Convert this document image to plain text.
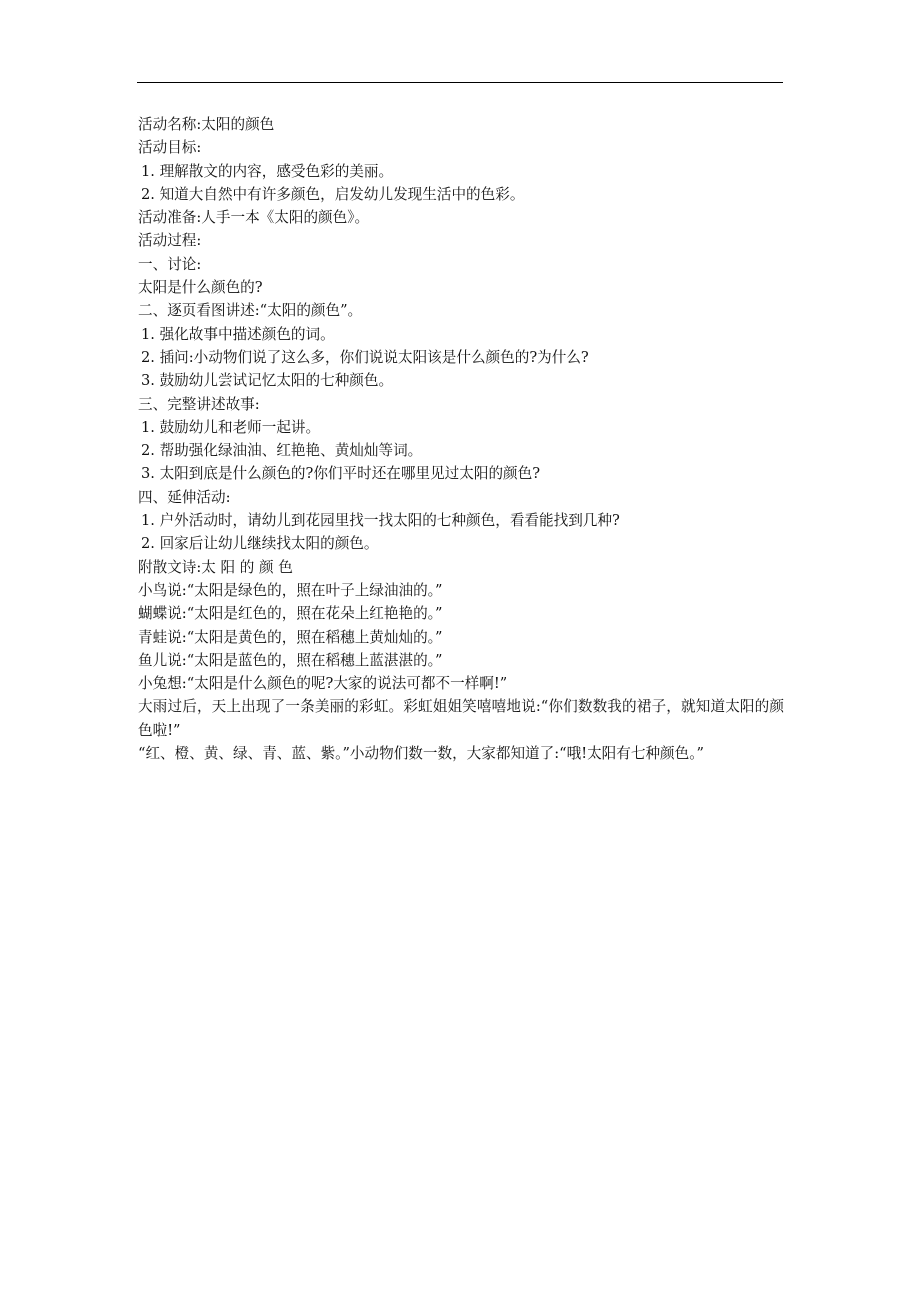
活动名称:太阳的颜色
活动目标:
1. 理解散文的内容，感受色彩的美丽。
2. 知道大自然中有许多颜色，启发幼儿发现生活中的色彩。
活动准备:人手一本《太阳的颜色》。
活动过程:
一、讨论:
太阳是什么颜色的?
二、逐页看图讲述:“太阳的颜色”。
1. 强化故事中描述颜色的词。
2. 插问:小动物们说了这么多，你们说说太阳该是什么颜色的?为什么?
3. 鼓励幼儿尝试记忆太阳的七种颜色。
三、完整讲述故事:
1. 鼓励幼儿和老师一起讲。
2. 帮助强化绿油油、红艳艳、黄灿灿等词。
3. 太阳到底是什么颜色的?你们平时还在哪里见过太阳的颜色?
四、延伸活动:
1. 户外活动时，请幼儿到花园里找一找太阳的七种颜色，看看能找到几种?
2. 回家后让幼儿继续找太阳的颜色。
附散文诗:太 阳 的 颜 色
小鸟说:“太阳是绿色的，照在叶子上绿油油的。”
蝴蝶说:“太阳是红色的，照在花朵上红艳艳的。”
青蛙说:“太阳是黄色的，照在稻穗上黄灿灿的。”
鱼儿说:“太阳是蓝色的，照在稻穗上蓝湛湛的。”
小兔想:“太阳是什么颜色的呢?大家的说法可都不一样啊!”
大雨过后，天上出现了一条美丽的彩虹。彩虹姐姐笑嘻嘻地说:“你们数数我的裙子，就知道太阳的颜色啦!”
“红、橙、黄、绿、青、蓝、紫。”小动物们数一数，大家都知道了:“哦!太阳有七种颜色。”
